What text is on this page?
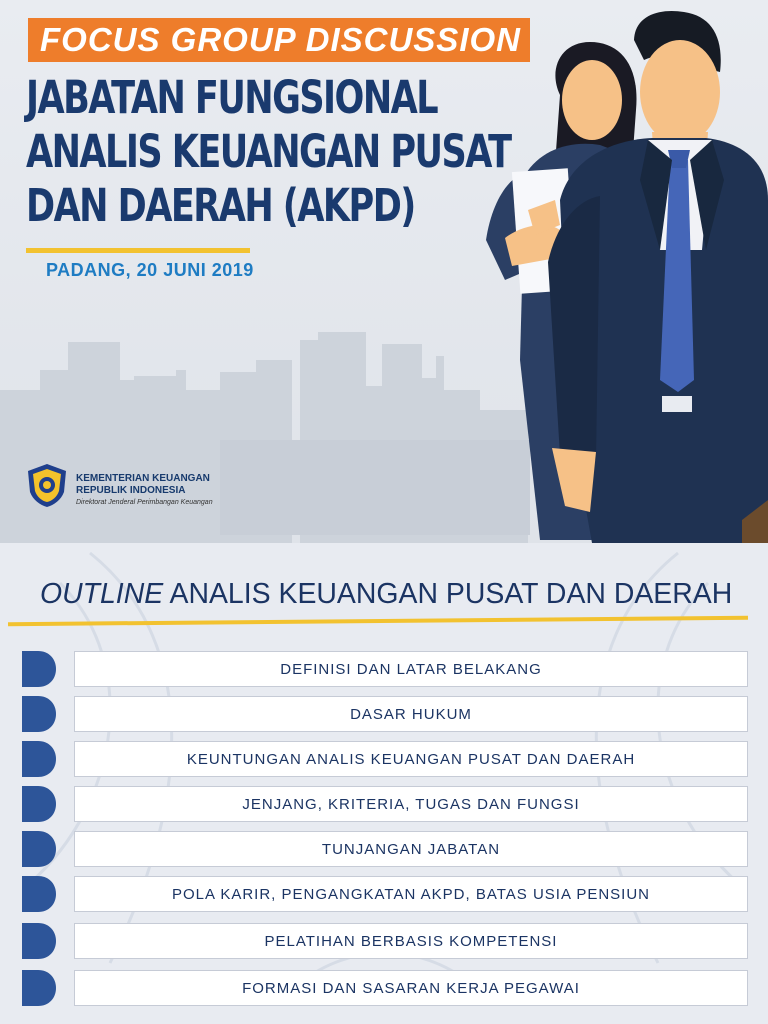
FOCUS GROUP DISCUSSION
JABATAN FUNGSIONAL
ANALIS KEUANGAN PUSAT
DAN DAERAH (AKPD)
PADANG, 20 JUNI 2019
KEMENTERIAN KEUANGAN
REPUBLIK INDONESIA
Direktorat Jenderal Perimbangan Keuangan
OUTLINE ANALIS KEUANGAN PUSAT DAN DAERAH
DEFINISI DAN LATAR BELAKANG
DASAR HUKUM
KEUNTUNGAN ANALIS KEUANGAN PUSAT DAN DAERAH
JENJANG, KRITERIA, TUGAS DAN FUNGSI
TUNJANGAN JABATAN
POLA KARIR, PENGANGKATAN AKPD, BATAS USIA PENSIUN
PELATIHAN BERBASIS KOMPETENSI
FORMASI DAN SASARAN KERJA PEGAWAI
